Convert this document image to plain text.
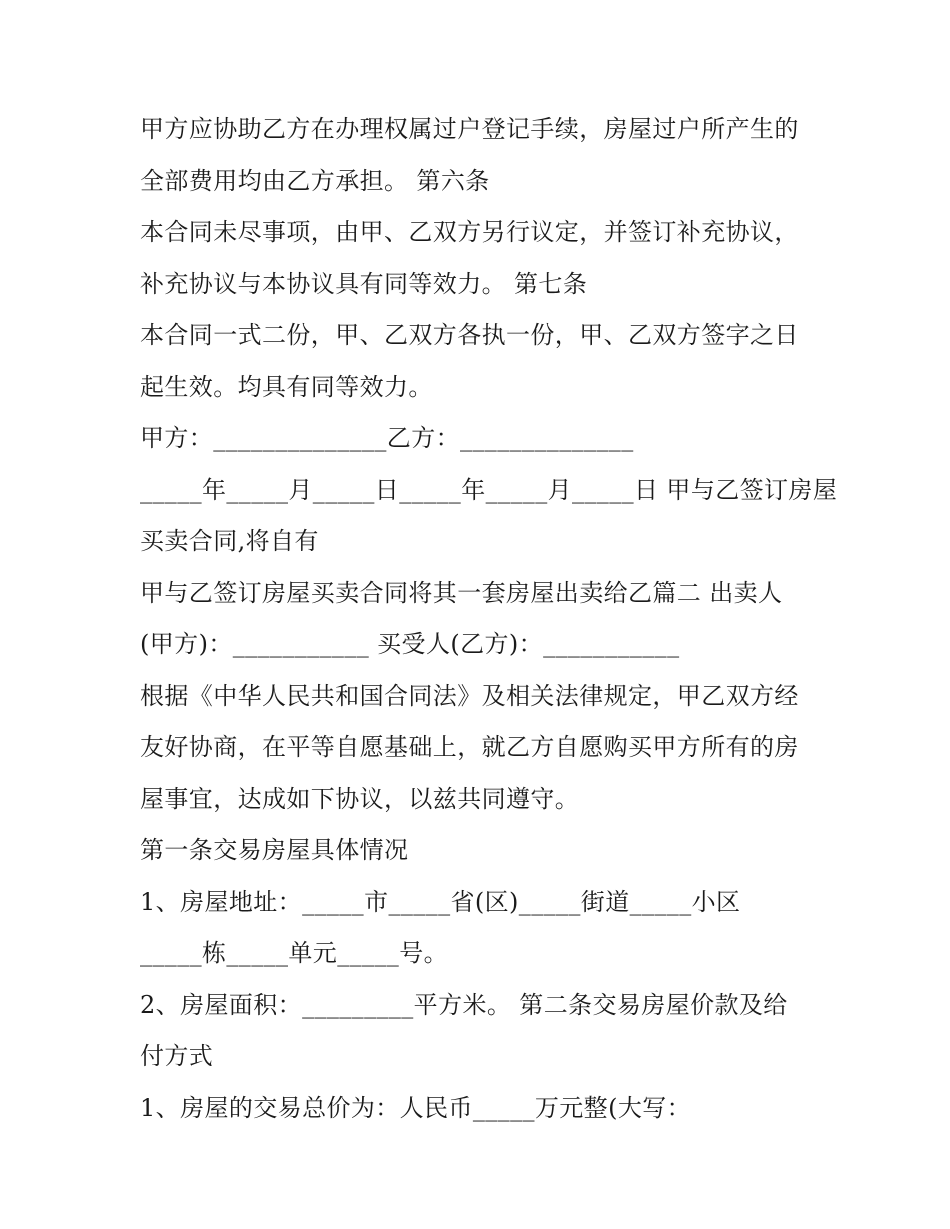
甲方应协助乙方在办理权属过户登记手续，房屋过户所产生的
全部费用均由乙方承担。 第六条
本合同未尽事项，由甲、乙双方另行议定，并签订补充协议，
补充协议与本协议具有同等效力。 第七条
本合同一式二份，甲、乙双方各执一份，甲、乙双方签字之日
起生效。均具有同等效力。
甲方：______________乙方：______________
_____年_____月_____日_____年_____月_____日 甲与乙签订房屋
买卖合同,将自有
甲与乙签订房屋买卖合同将其一套房屋出卖给乙篇二 出卖人
(甲方)：___________ 买受人(乙方)：___________
根据《中华人民共和国合同法》及相关法律规定，甲乙双方经
友好协商，在平等自愿基础上，就乙方自愿购买甲方所有的房
屋事宜，达成如下协议，以兹共同遵守。
第一条交易房屋具体情况
1、房屋地址：_____市_____省(区)_____街道_____小区
_____栋_____单元_____号。
2、房屋面积：_________平方米。 第二条交易房屋价款及给
付方式
1、房屋的交易总价为：人民币_____万元整(大写：
